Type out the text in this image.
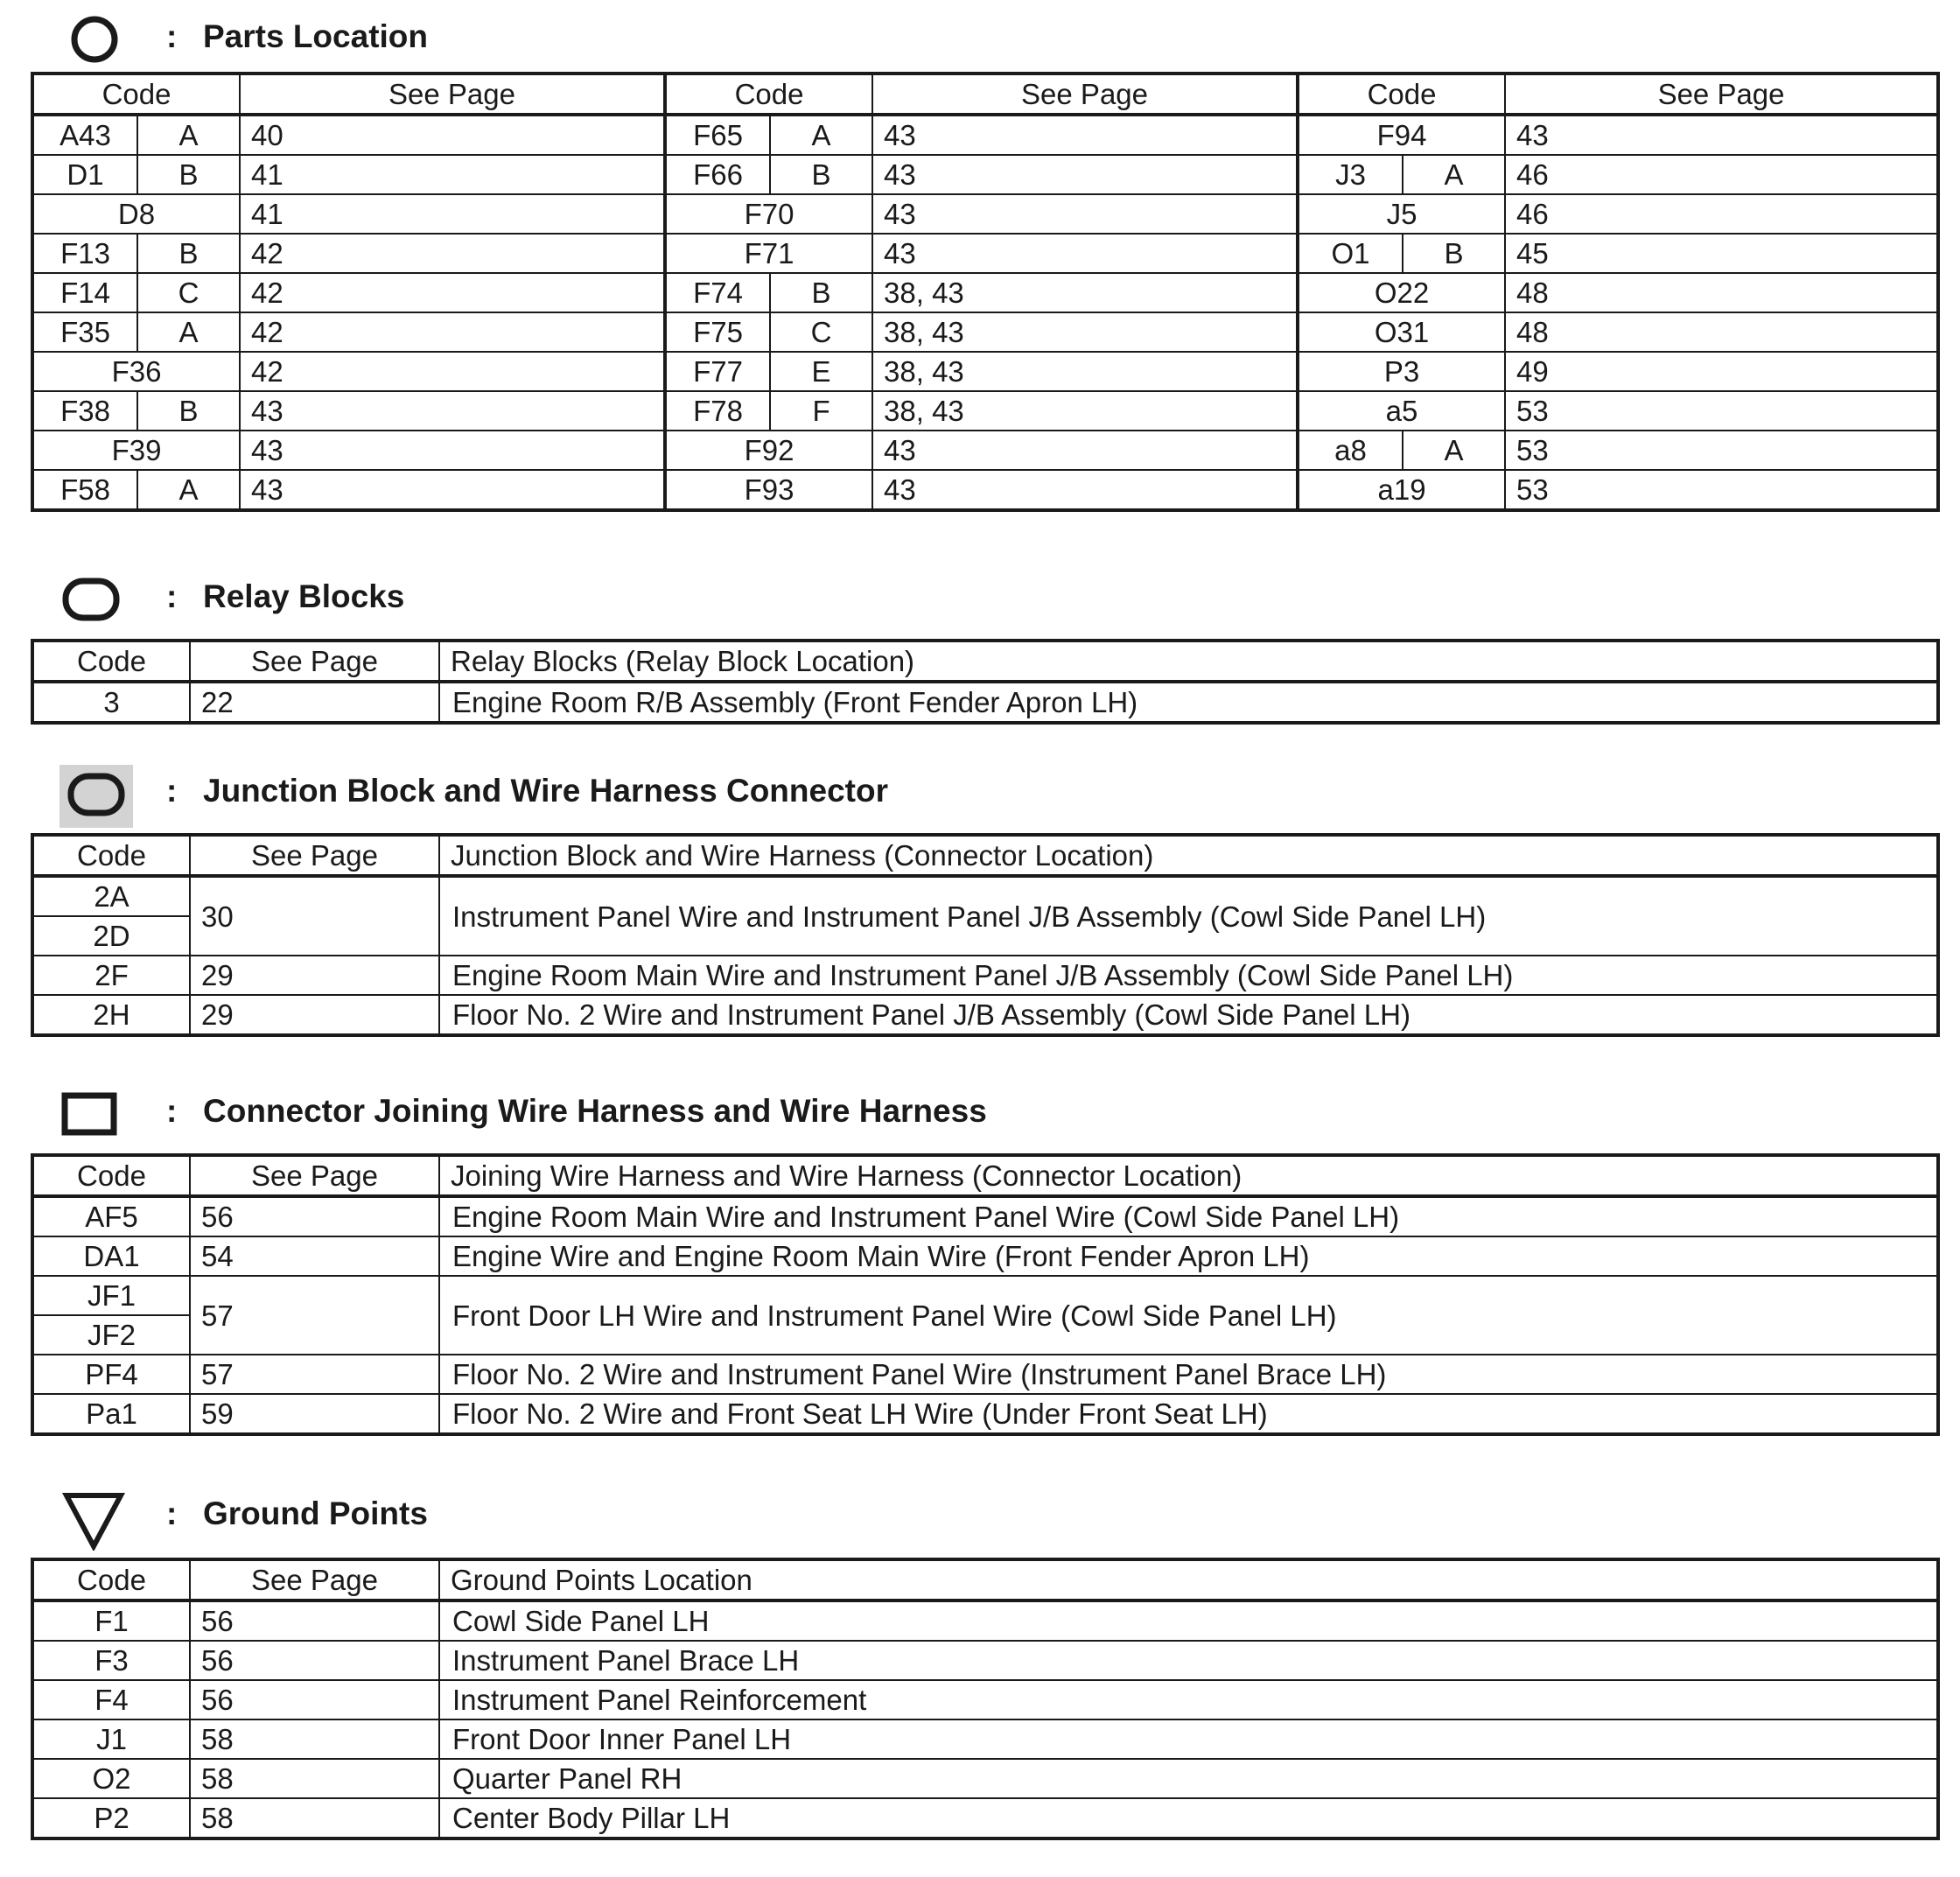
: Parts Location
Code		See Page	Code		See Page	Code		See Page
A43	A	40	F65	A	43	F94		43
D1	B	41	F66	B	43	J3	A	46
D8		41	F70		43	J5		46
F13	B	42	F71		43	O1	B	45
F14	C	42	F74	B	38, 43	O22		48
F35	A	42	F75	C	38, 43	O31		48
F36		42	F77	E	38, 43	P3		49
F38	B	43	F78	F	38, 43	a5		53
F39		43	F92		43	a8	A	53
F58	A	43	F93		43	a19		53
: Relay Blocks
Code	See Page	Relay Blocks (Relay Block Location)
3	22	Engine Room R/B Assembly (Front Fender Apron LH)
: Junction Block and Wire Harness Connector
Code	See Page	Junction Block and Wire Harness (Connector Location)
2A	30	Instrument Panel Wire and Instrument Panel J/B Assembly (Cowl Side Panel LH)
2D		
2F	29	Engine Room Main Wire and Instrument Panel J/B Assembly (Cowl Side Panel LH)
2H	29	Floor No. 2 Wire and Instrument Panel J/B Assembly (Cowl Side Panel LH)
: Connector Joining Wire Harness and Wire Harness
Code	See Page	Joining Wire Harness and Wire Harness (Connector Location)
AF5	56	Engine Room Main Wire and Instrument Panel Wire (Cowl Side Panel LH)
DA1	54	Engine Wire and Engine Room Main Wire (Front Fender Apron LH)
JF1	57	Front Door LH Wire and Instrument Panel Wire (Cowl Side Panel LH)
JF2		
PF4	57	Floor No. 2 Wire and Instrument Panel Wire (Instrument Panel Brace LH)
Pa1	59	Floor No. 2 Wire and Front Seat LH Wire (Under Front Seat LH)
: Ground Points
Code	See Page	Ground Points Location
F1	56	Cowl Side Panel LH
F3	56	Instrument Panel Brace LH
F4	56	Instrument Panel Reinforcement
J1	58	Front Door Inner Panel LH
O2	58	Quarter Panel RH
P2	58	Center Body Pillar LH
